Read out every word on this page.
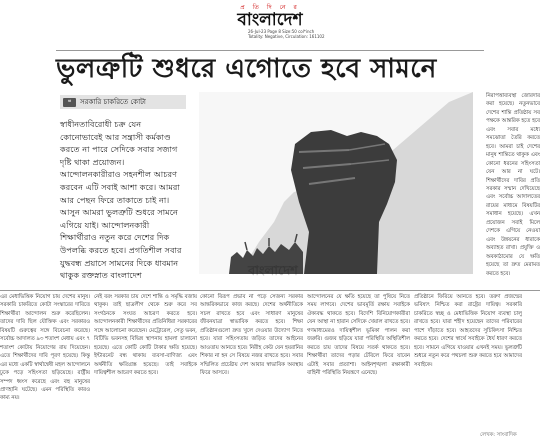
প্র তি দি নে র
বাংলাদেশ
26-Jul-23 Page 8 Size:50 col*inch
Totality: Negative, Circulation: 161102
ভুলত্রুটি শুধরে এগোতে হবে সামনে
❝	সরকারি চাকরিতে কোটা
স্বাধীনতাবিরোধী চক্র যেন কোনোভাবেই আর সন্ত্রাসী কর্মকাণ্ড করতে না পারে সেদিকে সবার সজাগ দৃষ্টি থাকা প্রয়োজন। আন্দোলনকারীরাও সহনশীল আচরণ করবেন এটি সবাই আশা করে। আমরা আর পেছন ফিরে তাকাতে চাই না। আসুন আমরা ভুলত্রুটি শুধরে সামনে এগিয়ে যাই। আন্দোলনকারী শিক্ষার্থীরাও নতুন করে দেশের দিক উপলব্ধি করতে হবে। প্রগতিশীল সবার যুদ্ধবন্ধ প্রয়াসে সামনের দিকে ধাবমান থাকুক রক্তস্নাত বাংলাদেশ	বাংলাদেশ
নিরাপত্তাব্যবস্থা জোরদার করা হয়েছে। নতুনভাবে দেশের শান্তি প্রতিষ্ঠায় সব পক্ষকে আন্তরিক হতে হবে এবং সবার মধ্যে সমঝোতা তৈরি করতে হবে। আমরা চাই দেশের মানুষ শান্তিতে থাকুক এবং কোনো ধরনের সহিংসতা যেন আর না ঘটে। শিক্ষার্থীদের দাবির প্রতি সরকার সম্মান দেখিয়েছে এবং সর্বোচ্চ আদালতের রায়ের মাধ্যমে বিষয়টির সমাধান হয়েছে। এখন প্রয়োজন সবাই মিলে দেশকে এগিয়ে নেওয়া এবং উন্নয়নের ধারাকে অব্যাহত রাখা। প্রযুক্তি ও অবকাঠামোর যে ক্ষতি হয়েছে তা দ্রুত মেরামত করতে হবে।
এর মেধাভিত্তিক নিয়োগ চায় দেশের মানুষ। সরকারি চাকরিতে কোটা সংস্কারের দাবিতে শিক্ষার্থীরা আন্দোলন শুরু করেছিলেন। তাদের দাবি ছিল যৌক্তিক এবং সরকারও বিষয়টি গুরুত্বের সঙ্গে বিবেচনা করেছে। সর্বোচ্চ আদালত ৯৩ শতাংশ মেধায় এবং ৭ শতাংশ কোটায় নিয়োগের রায় দিয়েছেন। এতে শিক্ষার্থীদের দাবি পূরণ হয়েছে। কিন্তু এর মধ্যে একটি স্বার্থান্বেষী মহল আন্দোলনে ঢুকে পড়ে সহিংসতা ছড়িয়েছে। রাষ্ট্রীয় সম্পদ ধ্বংস করেছে এবং বহু মানুষের প্রাণহানি ঘটেছে। এমন পরিস্থিতি কারও কাম্য নয়।
নেই বরং সরকার চায় দেশে শান্তি ও সমৃদ্ধি বজায় থাকুক। তাই ছাত্রলীগ থেকে শুরু করে সব সংগঠনকে সংযত আচরণ করতে হবে। আন্দোলনকারী শিক্ষার্থীদের প্রতিনিধিরা সরকারের সঙ্গে আলোচনা করেছেন। মেট্রোরেল, সেতু ভবন, বিটিভি ভবনসহ বিভিন্ন স্থাপনায় হামলা চালানো হয়েছে। এতে কোটি কোটি টাকার ক্ষতি হয়েছে। ইন্টারনেট বন্ধ থাকায় ব্যবসা-বাণিজ্য এবং অর্থনীতি ক্ষতিগ্রস্ত হয়েছে। তাই সবাইকে দায়িত্বশীল আচরণ করতে হবে।
কোনো বিরূপ প্রভাব না পড়ে সেজন্য সরকার আন্তরিকভাবে কাজ করছে। দেশের অর্থনীতিকে সচল রাখতে হবে এবং সাধারণ মানুষের জীবনযাত্রা স্বাভাবিক করতে হবে। শিক্ষা প্রতিষ্ঠানগুলো দ্রুত খুলে দেওয়ার উদ্যোগ নিতে হবে। যারা সহিংসতায় জড়িত তাদের আইনের আওতায় আনতে হবে। নিরীহ কেউ যেন হয়রানির শিকার না হন সে বিষয়ে নজর রাখতে হবে। সবার সম্মিলিত প্রচেষ্টায় দেশ আবার স্বাভাবিক অবস্থায় ফিরে আসবে।
আন্দোলনের যে ক্ষতি হয়েছে তা পুষিয়ে নিতে সময় লাগবে। দেশের ভাবমূর্তি রক্ষায় সবাইকে ঐক্যবদ্ধ থাকতে হবে। বিদেশি বিনিয়োগকারীরা যেন আস্থা না হারান সেদিকে খেয়াল রাখতে হবে। গণমাধ্যমেরও দায়িত্বশীল ভূমিকা পালন করা জরুরি। গুজব ছড়িয়ে যারা পরিস্থিতি অস্থিতিশীল করতে চায় তাদের বিষয়ে সতর্ক থাকতে হবে। শিক্ষার্থীরা তাদের পড়ার টেবিলে ফিরে যাবেন এটাই সবার প্রত্যাশা। আইনশৃঙ্খলা রক্ষাকারী বাহিনী পরিস্থিতি নিয়ন্ত্রণে এনেছে।
প্রতিষ্ঠানে ফিরিয়ে আনতে হবে। তরুণ প্রজন্মের ভবিষ্যৎ নিশ্চিত করা রাষ্ট্রের দায়িত্ব। সরকারি চাকরিতে স্বচ্ছ ও মেধাভিত্তিক নিয়োগ ব্যবস্থা চালু রাখতে হবে। যারা শহীদ হয়েছেন তাদের পরিবারের পাশে দাঁড়াতে হবে। আহতদের সুচিকিৎসা নিশ্চিত করতে হবে। দেশের স্বার্থে সবাইকে ধৈর্য ধারণ করতে হবে। সামনে এগিয়ে যাওয়ার এখনই সময়। ভুলত্রুটি শুধরে নতুন করে পথচলা শুরু করতে হবে আমাদের সবাইকে।
লেখক: সাংবাদিক
